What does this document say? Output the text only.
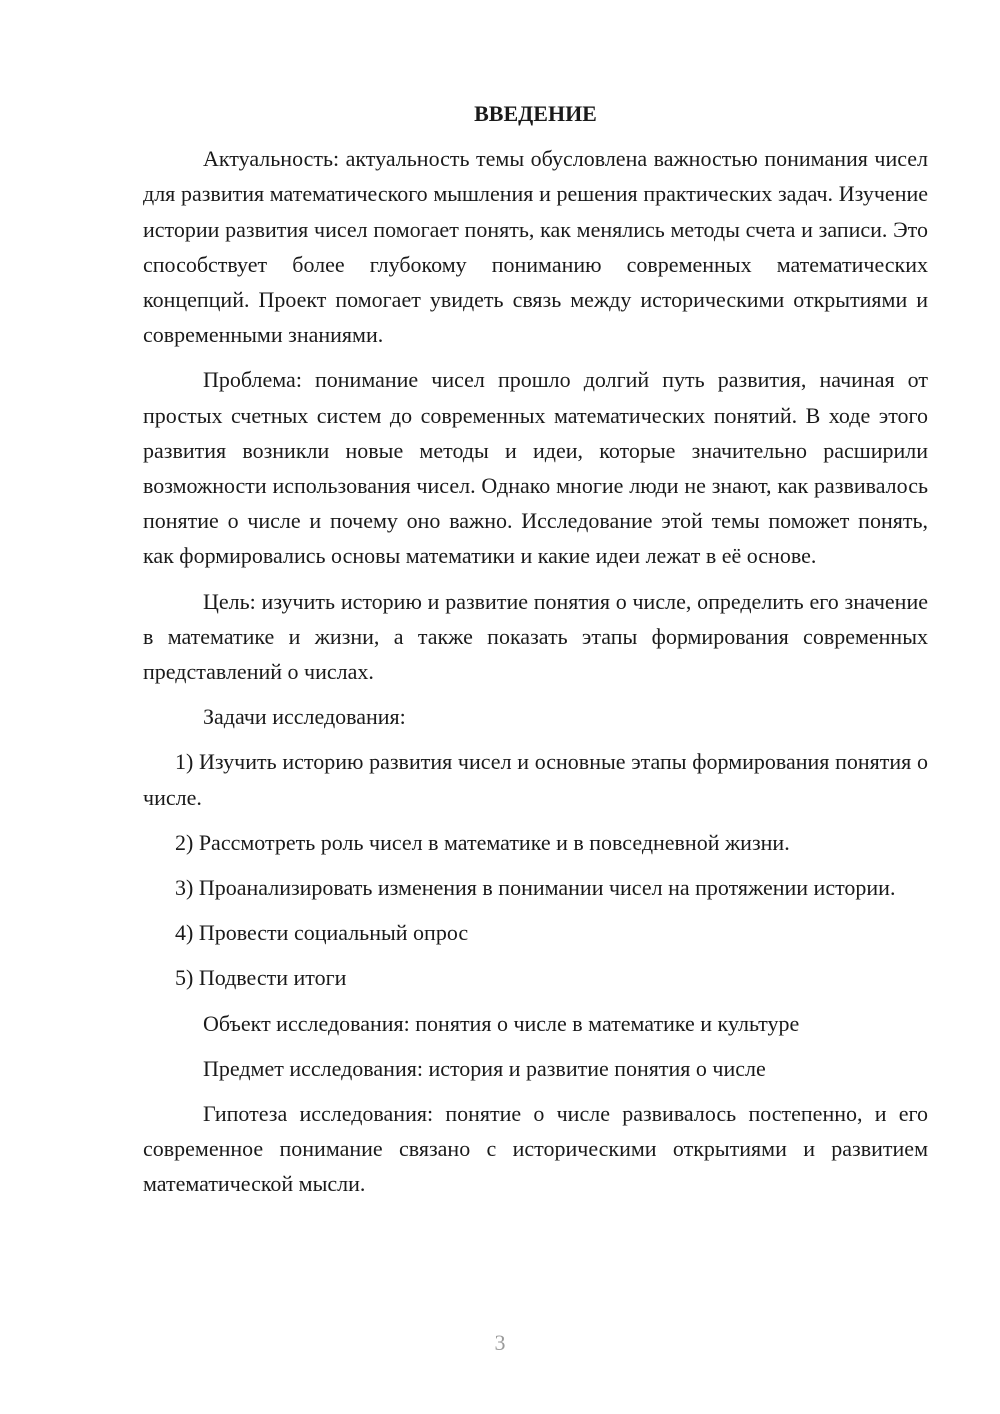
ВВЕДЕНИЕ

Актуальность: актуальность темы обусловлена важностью понимания чисел для развития математического мышления и решения практических задач. Изучение истории развития чисел помогает понять, как менялись методы счета и записи. Это способствует более глубокому пониманию современных математических концепций. Проект помогает увидеть связь между историческими открытиями и современными знаниями.

Проблема: понимание чисел прошло долгий путь развития, начиная от простых счетных систем до современных математических понятий. В ходе этого развития возникли новые методы и идеи, которые значительно расширили возможности использования чисел. Однако многие люди не знают, как развивалось понятие о числе и почему оно важно. Исследование этой темы поможет понять, как формировались основы математики и какие идеи лежат в её основе.

Цель: изучить историю и развитие понятия о числе, определить его значение в математике и жизни, а также показать этапы формирования современных представлений о числах.

Задачи исследования:

1) Изучить историю развития чисел и основные этапы формирования понятия о числе.

2) Рассмотреть роль чисел в математике и в повседневной жизни.

3) Проанализировать изменения в понимании чисел на протяжении истории.

4) Провести социальный опрос

5) Подвести итоги

Объект исследования: понятия о числе в математике и культуре

Предмет исследования: история и развитие понятия о числе

Гипотеза исследования: понятие о числе развивалось постепенно, и его современное понимание связано с историческими открытиями и развитием математической мысли.

3
